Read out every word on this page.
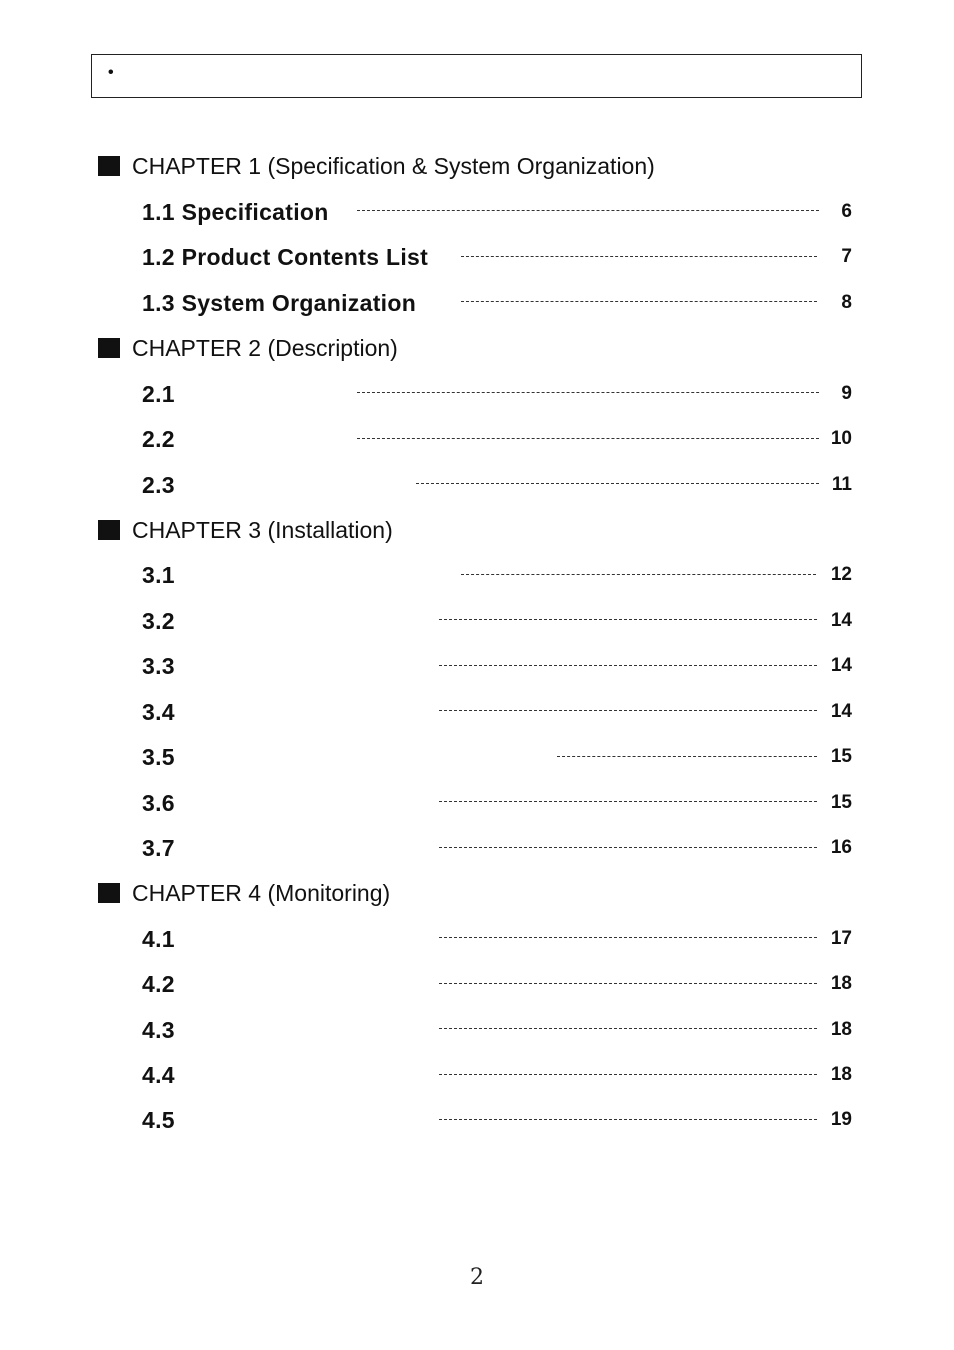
•
CHAPTER 1 (Specification & System Organization)
1.1 Specification	6
1.2 Product Contents List	7
1.3 System Organization	8
CHAPTER 2 (Description)
2.1	9
2.2	10
2.3	11
CHAPTER 3 (Installation)
3.1	12
3.2	14
3.3	14
3.4	14
3.5	15
3.6	15
3.7	16
CHAPTER 4 (Monitoring)
4.1	17
4.2	18
4.3	18
4.4	18
4.5	19
2
